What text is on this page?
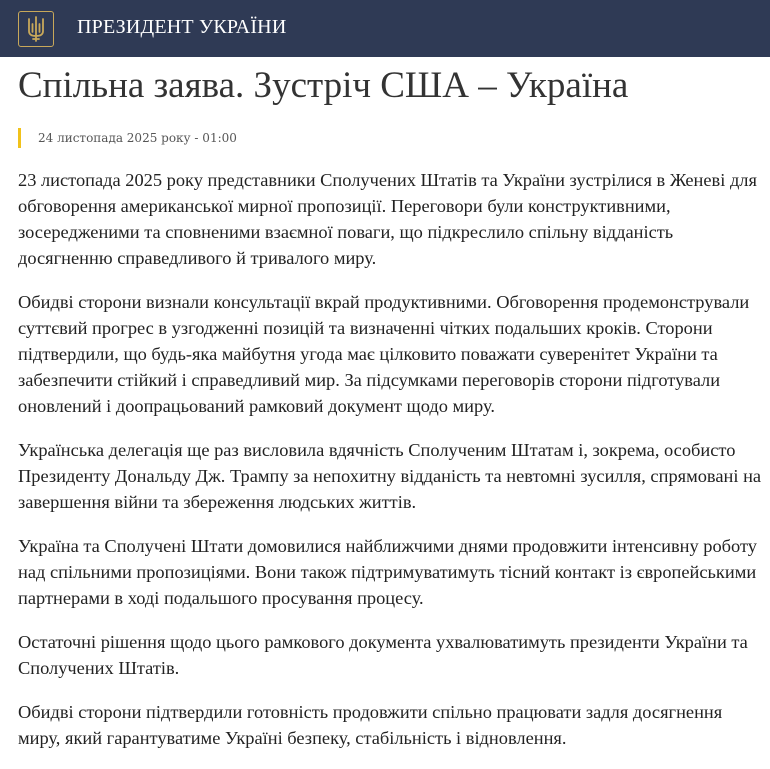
ПРЕЗИДЕНТ УКРАЇНИ
Спільна заява. Зустріч США – Україна
24 листопада 2025 року - 01:00

23 листопада 2025 року представники Сполучених Штатів та України зустрілися в Женеві для обговорення американської мирної пропозиції. Переговори були конструктивними, зосередженими та сповненими взаємної поваги, що підкреслило спільну відданість досягненню справедливого й тривалого миру.

Обидві сторони визнали консультації вкрай продуктивними. Обговорення продемонстрували суттєвий прогрес в узгодженні позицій та визначенні чітких подальших кроків. Сторони підтвердили, що будь-яка майбутня угода має цілковито поважати суверенітет України та забезпечити стійкий і справедливий мир. За підсумками переговорів сторони підготували оновлений і доопрацьований рамковий документ щодо миру.

Українська делегація ще раз висловила вдячність Сполученим Штатам і, зокрема, особисто Президенту Дональду Дж. Трампу за непохитну відданість та невтомні зусилля, спрямовані на завершення війни та збереження людських життів.

Україна та Сполучені Штати домовилися найближчими днями продовжити інтенсивну роботу над спільними пропозиціями. Вони також підтримуватимуть тісний контакт із європейськими партнерами в ході подальшого просування процесу.

Остаточні рішення щодо цього рамкового документа ухвалюватимуть президенти України та Сполучених Штатів.

Обидві сторони підтвердили готовність продовжити спільно працювати задля досягнення миру, який гарантуватиме Україні безпеку, стабільність і відновлення.
